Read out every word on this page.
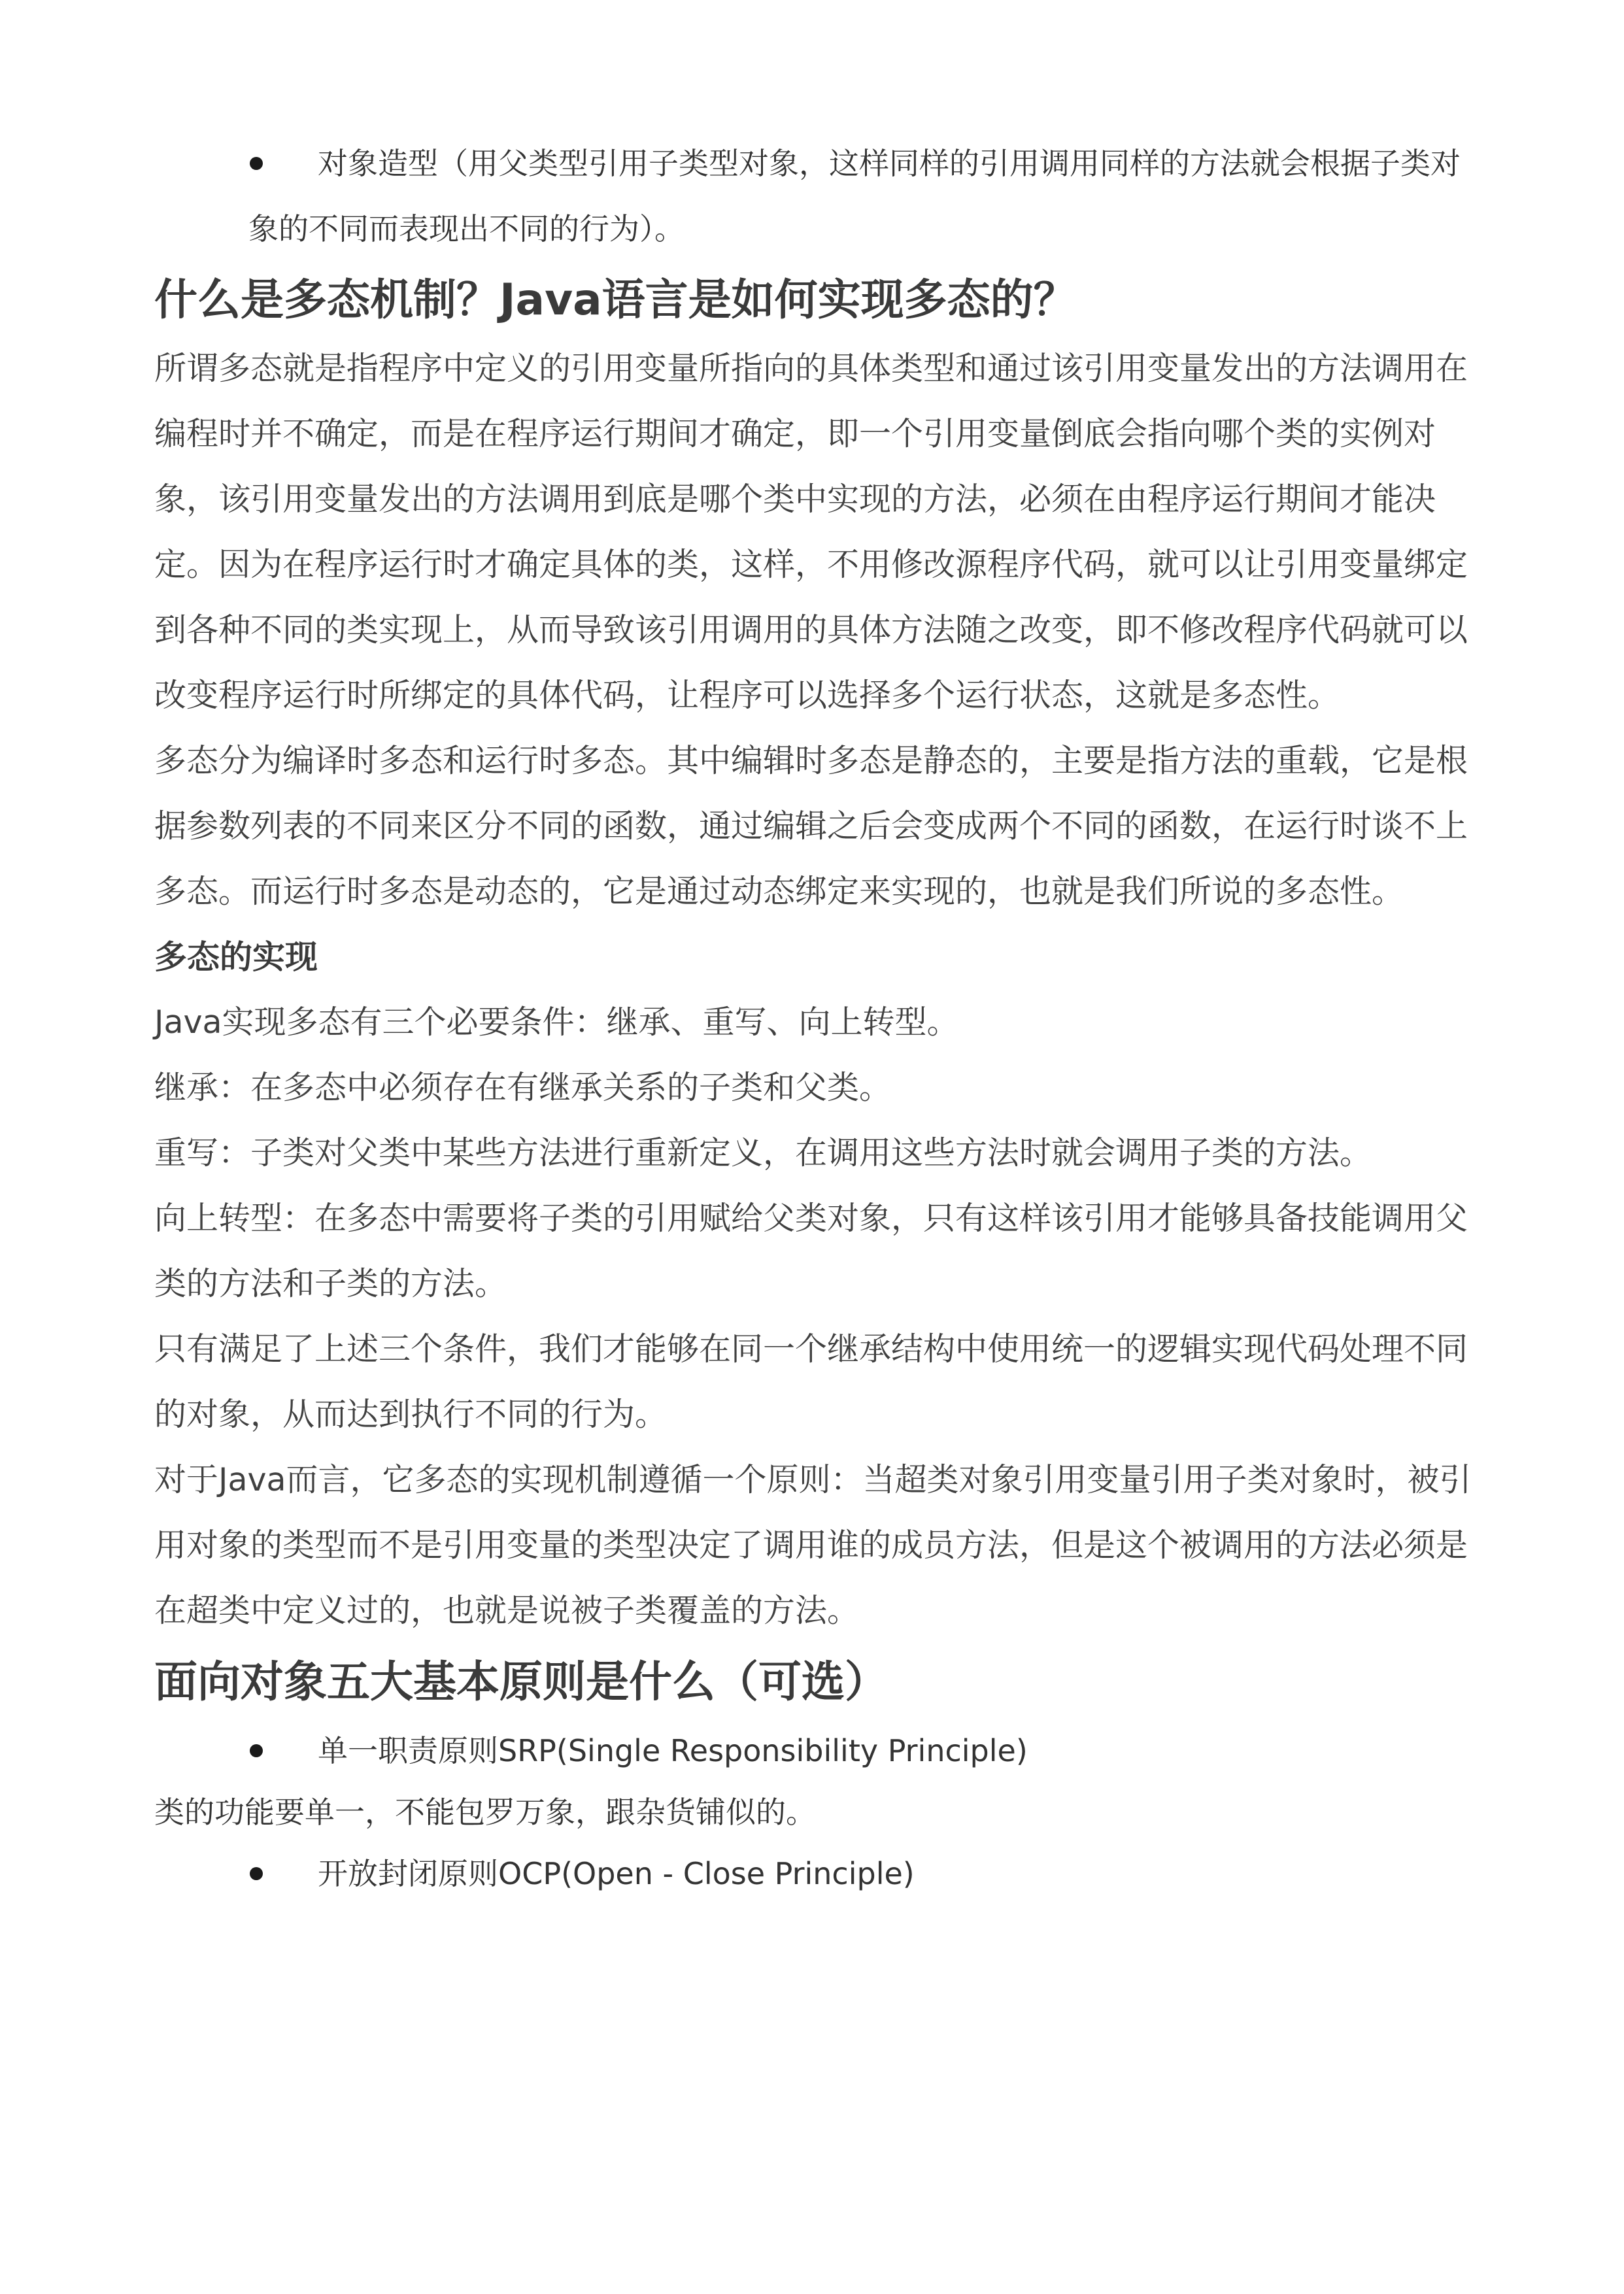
对象造型（用父类型引用子类型对象，这样同样的引用调用同样的方法就会根据子类对象的不同而表现出不同的行为）。

什么是多态机制？Java语言是如何实现多态的？

所谓多态就是指程序中定义的引用变量所指向的具体类型和通过该引用变量发出的方法调用在编程时并不确定，而是在程序运行期间才确定，即一个引用变量倒底会指向哪个类的实例对象，该引用变量发出的方法调用到底是哪个类中实现的方法，必须在由程序运行期间才能决定。因为在程序运行时才确定具体的类，这样，不用修改源程序代码，就可以让引用变量绑定到各种不同的类实现上，从而导致该引用调用的具体方法随之改变，即不修改程序代码就可以改变程序运行时所绑定的具体代码，让程序可以选择多个运行状态，这就是多态性。

多态分为编译时多态和运行时多态。其中编辑时多态是静态的，主要是指方法的重载，它是根据参数列表的不同来区分不同的函数，通过编辑之后会变成两个不同的函数，在运行时谈不上多态。而运行时多态是动态的，它是通过动态绑定来实现的，也就是我们所说的多态性。

多态的实现

Java实现多态有三个必要条件：继承、重写、向上转型。

继承：在多态中必须存在有继承关系的子类和父类。

重写：子类对父类中某些方法进行重新定义，在调用这些方法时就会调用子类的方法。

向上转型：在多态中需要将子类的引用赋给父类对象，只有这样该引用才能够具备技能调用父类的方法和子类的方法。

只有满足了上述三个条件，我们才能够在同一个继承结构中使用统一的逻辑实现代码处理不同的对象，从而达到执行不同的行为。

对于Java而言，它多态的实现机制遵循一个原则：当超类对象引用变量引用子类对象时，被引用对象的类型而不是引用变量的类型决定了调用谁的成员方法，但是这个被调用的方法必须是在超类中定义过的，也就是说被子类覆盖的方法。

面向对象五大基本原则是什么（可选）

单一职责原则SRP(Single Responsibility Principle)

类的功能要单一，不能包罗万象，跟杂货铺似的。

开放封闭原则OCP(Open - Close Principle)
